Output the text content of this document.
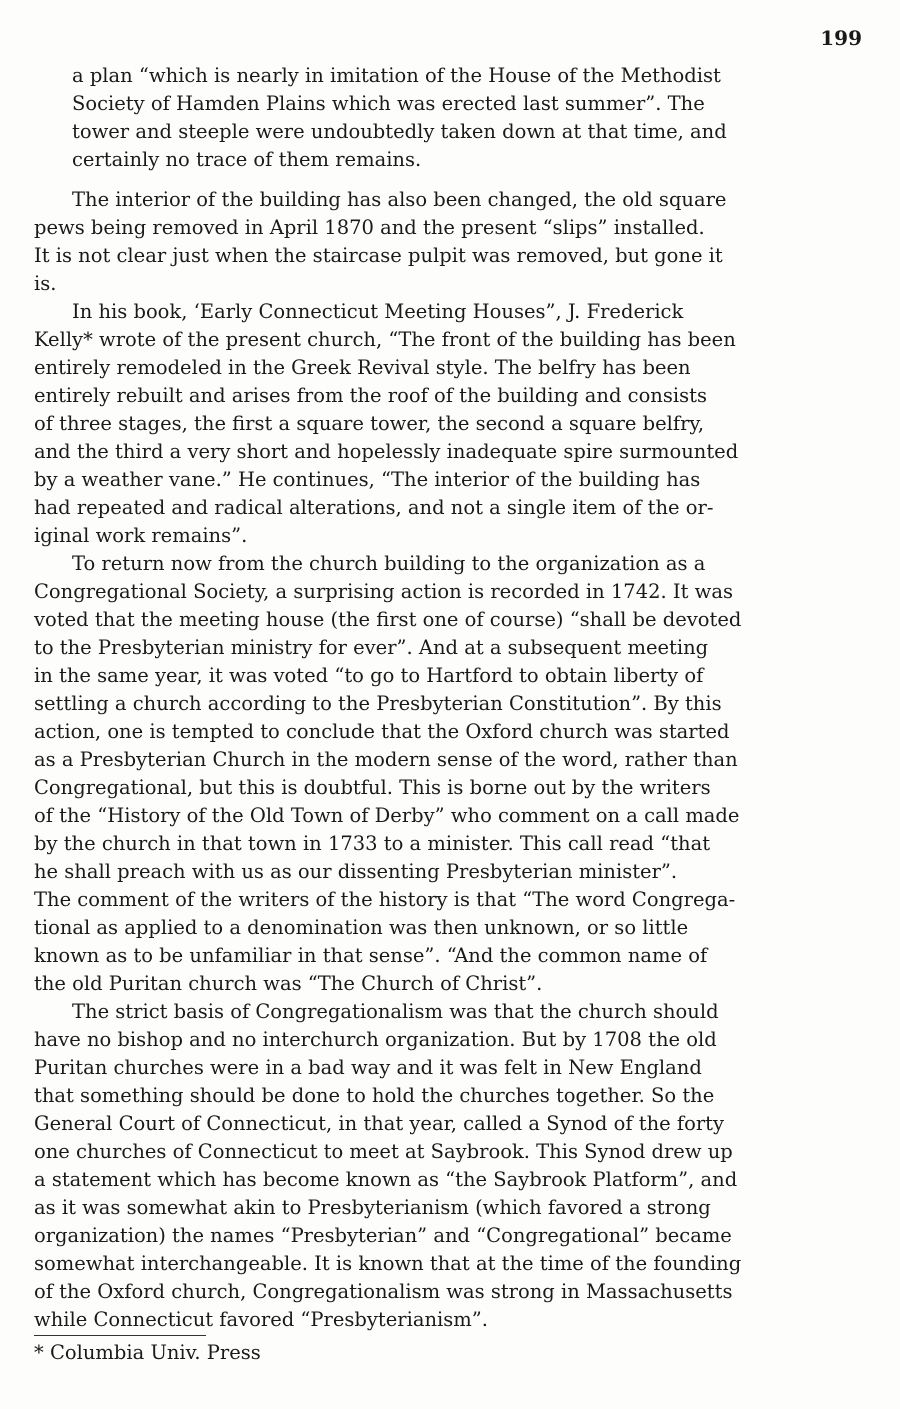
199
a plan “which is nearly in imitation of the House of the Methodist
Society of Hamden Plains which was erected last summer”. The
tower and steeple were undoubtedly taken down at that time, and
certainly no trace of them remains.
The interior of the building has also been changed, the old square
pews being removed in April 1870 and the present “slips” installed.
It is not clear just when the staircase pulpit was removed, but gone it
is.
In his book, ‘Early Connecticut Meeting Houses”, J. Frederick
Kelly* wrote of the present church, “The front of the building has been
entirely remodeled in the Greek Revival style. The belfry has been
entirely rebuilt and arises from the roof of the building and consists
of three stages, the first a square tower, the second a square belfry,
and the third a very short and hopelessly inadequate spire surmounted
by a weather vane.” He continues, “The interior of the building has
had repeated and radical alterations, and not a single item of the or-
iginal work remains”.
To return now from the church building to the organization as a
Congregational Society, a surprising action is recorded in 1742. It was
voted that the meeting house (the first one of course) “shall be devoted
to the Presbyterian ministry for ever”. And at a subsequent meeting
in the same year, it was voted “to go to Hartford to obtain liberty of
settling a church according to the Presbyterian Constitution”. By this
action, one is tempted to conclude that the Oxford church was started
as a Presbyterian Church in the modern sense of the word, rather than
Congregational, but this is doubtful. This is borne out by the writers
of the “History of the Old Town of Derby” who comment on a call made
by the church in that town in 1733 to a minister. This call read “that
he shall preach with us as our dissenting Presbyterian minister”.
The comment of the writers of the history is that “The word Congrega-
tional as applied to a denomination was then unknown, or so little
known as to be unfamiliar in that sense”. “And the common name of
the old Puritan church was “The Church of Christ”.
The strict basis of Congregationalism was that the church should
have no bishop and no interchurch organization. But by 1708 the old
Puritan churches were in a bad way and it was felt in New England
that something should be done to hold the churches together. So the
General Court of Connecticut, in that year, called a Synod of the forty
one churches of Connecticut to meet at Saybrook. This Synod drew up
a statement which has become known as “the Saybrook Platform”, and
as it was somewhat akin to Presbyterianism (which favored a strong
organization) the names “Presbyterian” and “Congregational” became
somewhat interchangeable. It is known that at the time of the founding
of the Oxford church, Congregationalism was strong in Massachusetts
while Connecticut favored “Presbyterianism”.
* Columbia Univ. Press
